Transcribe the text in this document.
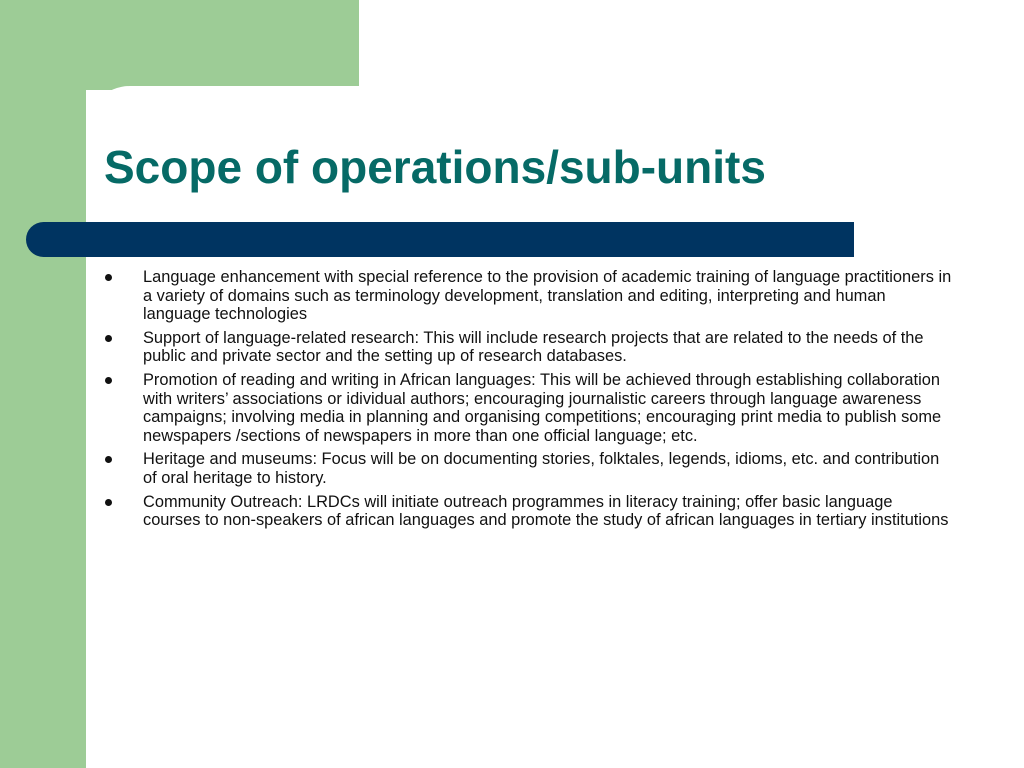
Scope of operations/sub-units
Language enhancement with special reference to the provision of academic training of language practitioners in a variety of domains such as terminology development, translation and editing, interpreting and human language technologies
Support of language-related research: This will include research projects that are related to the needs of the public and private sector and the setting up of research databases.
Promotion of reading and writing in African languages: This will be achieved through establishing collaboration with writers’ associations or idividual authors; encouraging journalistic careers through language awareness campaigns; involving media in planning and organising competitions; encouraging print media to publish some newspapers /sections of newspapers in more than one official language; etc.
Heritage and museums: Focus will be on documenting stories, folktales, legends, idioms, etc. and contribution of oral heritage to history.
Community Outreach: LRDCs will initiate outreach programmes in literacy training; offer basic language courses to non-speakers of african languages and promote the study of african languages in tertiary institutions
